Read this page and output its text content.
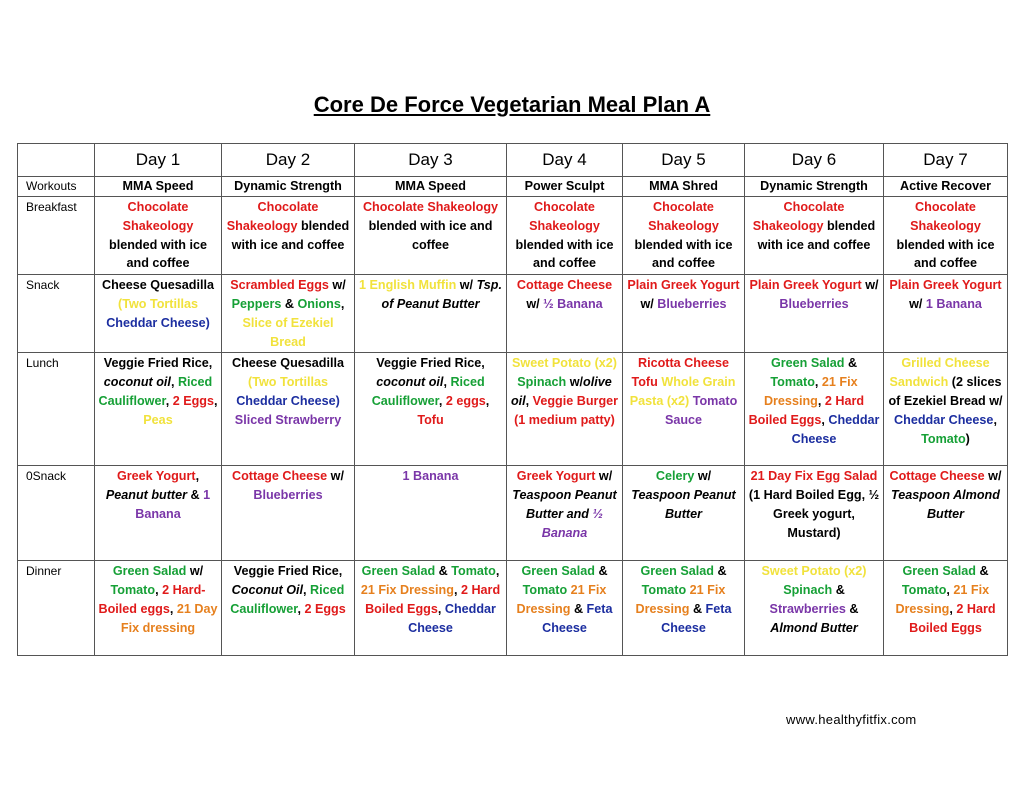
Core De Force Vegetarian Meal Plan A
	Day 1	Day 2	Day 3	Day 4	Day 5	Day 6	Day 7
Workouts	MMA Speed	Dynamic Strength	MMA Speed	Power Sculpt	MMA Shred	Dynamic Strength	Active Recover
Breakfast	Chocolate Shakeology blended with ice and coffee	Chocolate Shakeology blended with ice and coffee	Chocolate Shakeology blended with ice and coffee	Chocolate Shakeology blended with ice and coffee	Chocolate Shakeology blended with ice and coffee	Chocolate Shakeology blended with ice and coffee	Chocolate Shakeology blended with ice and coffee
Snack	Cheese Quesadilla (Two Tortillas Cheddar Cheese)	Scrambled Eggs w/ Peppers & Onions, Slice of Ezekiel Bread	1 English Muffin w/ Tsp. of Peanut Butter	Cottage Cheese w/ ½ Banana	Plain Greek Yogurt w/ Blueberries	Plain Greek Yogurt w/ Blueberries	Plain Greek Yogurt w/ 1 Banana
Lunch	Veggie Fried Rice, coconut oil, Riced Cauliflower, 2 Eggs, Peas	Cheese Quesadilla (Two Tortillas Cheddar Cheese) Sliced Strawberry	Veggie Fried Rice, coconut oil, Riced Cauliflower, 2 eggs, Tofu	Sweet Potato (x2) Spinach w/olive oil, Veggie Burger (1 medium patty)	Ricotta Cheese Tofu Whole Grain Pasta (x2) Tomato Sauce	Green Salad & Tomato, 21 Fix Dressing, 2 Hard Boiled Eggs, Cheddar Cheese	Grilled Cheese Sandwich (2 slices of Ezekiel Bread w/ Cheddar Cheese, Tomato)
0Snack	Greek Yogurt, Peanut butter & 1 Banana	Cottage Cheese w/ Blueberries	1 Banana	Greek Yogurt w/ Teaspoon Peanut Butter and ½ Banana	Celery w/ Teaspoon Peanut Butter	21 Day Fix Egg Salad (1 Hard Boiled Egg, ½ Greek yogurt, Mustard)	Cottage Cheese w/ Teaspoon Almond Butter
Dinner	Green Salad w/ Tomato, 2 Hard-Boiled eggs, 21 Day Fix dressing	Veggie Fried Rice, Coconut Oil, Riced Cauliflower, 2 Eggs	Green Salad & Tomato, 21 Fix Dressing, 2 Hard Boiled Eggs, Cheddar Cheese	Green Salad & Tomato 21 Fix Dressing & Feta Cheese	Green Salad & Tomato 21 Fix Dressing & Feta Cheese	Sweet Potato (x2) Spinach & Strawberries & Almond Butter	Green Salad & Tomato, 21 Fix Dressing, 2 Hard Boiled Eggs
www.healthyfitfix.com
